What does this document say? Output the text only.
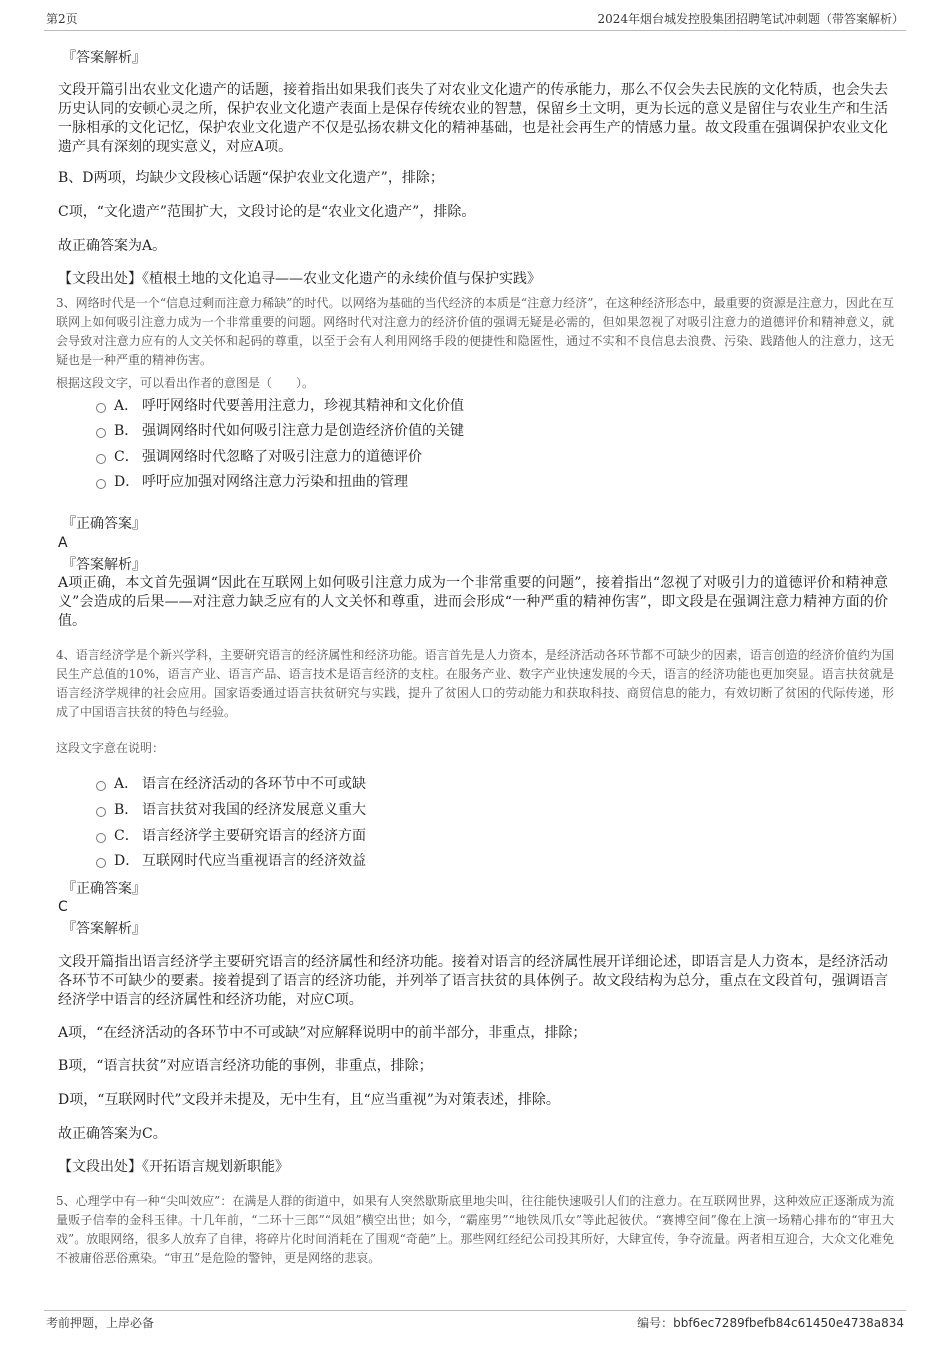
第2页	2024年烟台城发控股集团招聘笔试冲刺题（带答案解析）
『答案解析』
文段开篇引出农业文化遗产的话题，接着指出如果我们丧失了对农业文化遗产的传承能力，那么不仅会失去民族的文化特质，也会失去历史认同的安顿心灵之所，保护农业文化遗产表面上是保存传统农业的智慧，保留乡土文明，更为长远的意义是留住与农业生产和生活一脉相承的文化记忆，保护农业文化遗产不仅是弘扬农耕文化的精神基础，也是社会再生产的情感力量。故文段重在强调保护农业文化遗产具有深刻的现实意义，对应A项。
B、D两项，均缺少文段核心话题“保护农业文化遗产”，排除；
C项，“文化遗产”范围扩大，文段讨论的是“农业文化遗产”，排除。
故正确答案为A。
【文段出处】《植根土地的文化追寻——农业文化遗产的永续价值与保护实践》
3、网络时代是一个“信息过剩而注意力稀缺”的时代。以网络为基础的当代经济的本质是“注意力经济”，在这种经济形态中，最重要的资源是注意力，因此在互联网上如何吸引注意力成为一个非常重要的问题。网络时代对注意力的经济价值的强调无疑是必需的，但如果忽视了对吸引注意力的道德评价和精神意义，就会导致对注意力应有的人文关怀和起码的尊重，以至于会有人利用网络手段的便捷性和隐匿性，通过不实和不良信息去浪费、污染、践踏他人的注意力，这无疑也是一种严重的精神伤害。
根据这段文字，可以看出作者的意图是（　　）。
A． 呼吁网络时代要善用注意力，珍视其精神和文化价值
B． 强调网络时代如何吸引注意力是创造经济价值的关键
C． 强调网络时代忽略了对吸引注意力的道德评价
D． 呼吁应加强对网络注意力污染和扭曲的管理
『正确答案』
A
『答案解析』
A项正确，本文首先强调“因此在互联网上如何吸引注意力成为一个非常重要的问题”，接着指出“忽视了对吸引力的道德评价和精神意义”会造成的后果——对注意力缺乏应有的人文关怀和尊重，进而会形成“一种严重的精神伤害”，即文段是在强调注意力精神方面的价值。
4、语言经济学是个新兴学科，主要研究语言的经济属性和经济功能。语言首先是人力资本，是经济活动各环节都不可缺少的因素，语言创造的经济价值约为国民生产总值的10%，语言产业、语言产品、语言技术是语言经济的支柱。在服务产业、数字产业快速发展的今天，语言的经济功能也更加突显。语言扶贫就是语言经济学规律的社会应用。国家语委通过语言扶贫研究与实践，提升了贫困人口的劳动能力和获取科技、商贸信息的能力，有效切断了贫困的代际传递，形成了中国语言扶贫的特色与经验。
这段文字意在说明：
A． 语言在经济活动的各环节中不可或缺
B． 语言扶贫对我国的经济发展意义重大
C． 语言经济学主要研究语言的经济方面
D． 互联网时代应当重视语言的经济效益
『正确答案』
C
『答案解析』
文段开篇指出语言经济学主要研究语言的经济属性和经济功能。接着对语言的经济属性展开详细论述，即语言是人力资本，是经济活动各环节不可缺少的要素。接着提到了语言的经济功能，并列举了语言扶贫的具体例子。故文段结构为总分，重点在文段首句，强调语言经济学中语言的经济属性和经济功能，对应C项。
A项，“在经济活动的各环节中不可或缺”对应解释说明中的前半部分，非重点，排除；
B项，“语言扶贫”对应语言经济功能的事例，非重点，排除；
D项，“互联网时代”文段并未提及，无中生有，且“应当重视”为对策表述，排除。
故正确答案为C。
【文段出处】《开拓语言规划新职能》
5、心理学中有一种“尖叫效应”：在满是人群的街道中，如果有人突然歇斯底里地尖叫，往往能快速吸引人们的注意力。在互联网世界，这种效应正逐渐成为流量贩子信奉的金科玉律。十几年前，“二环十三郎”“凤姐”横空出世；如今，“霸座男”“地铁凤爪女”等此起彼伏。“赛博空间”像在上演一场精心排布的“审丑大戏”。放眼网络，很多人放弃了自律，将碎片化时间消耗在了围观“奇葩”上。那些网红经纪公司投其所好，大肆宣传，争夺流量。两者相互迎合，大众文化难免不被庸俗恶俗熏染。“审丑”是危险的警钟，更是网络的悲哀。
考前押题，上岸必备	编号：bbf6ec7289fbefb84c61450e4738a834
